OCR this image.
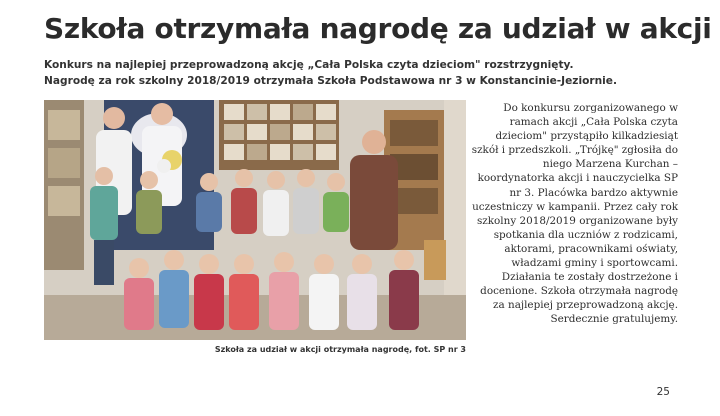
Szkoła otrzymała nagrodę za udział w akcji

Konkurs na najlepiej przeprowadzoną akcję „Cała Polska czyta dzieciom" rozstrzygnięty.

Nagrodę za rok szkolny 2018/2019 otrzymała Szkoła Podstawowa nr 3 w Konstancinie-Jeziornie.

Szkoła za udział w akcji otrzymała nagrodę, fot. SP nr 3

Do konkursu zorganizowanego w ramach akcji „Cała Polska czyta dzieciom" przystąpiło kilkadziesiąt szkół i przedszkoli. „Trójkę" zgłosiła do niego Marzena Kurchan – koordynatorka akcji i nauczycielka SP nr 3. Placówka bardzo aktywnie uczestniczy w kampanii. Przez cały rok szkolny 2018/2019 organizowane były spotkania dla uczniów z rodzicami, aktorami, pracownikami oświaty, władzami gminy i sportowcami. Działania te zostały dostrzeżone i docenione. Szkoła otrzymała nagrodę za najlepiej przeprowadzoną akcję. Serdecznie gratulujemy.

25
